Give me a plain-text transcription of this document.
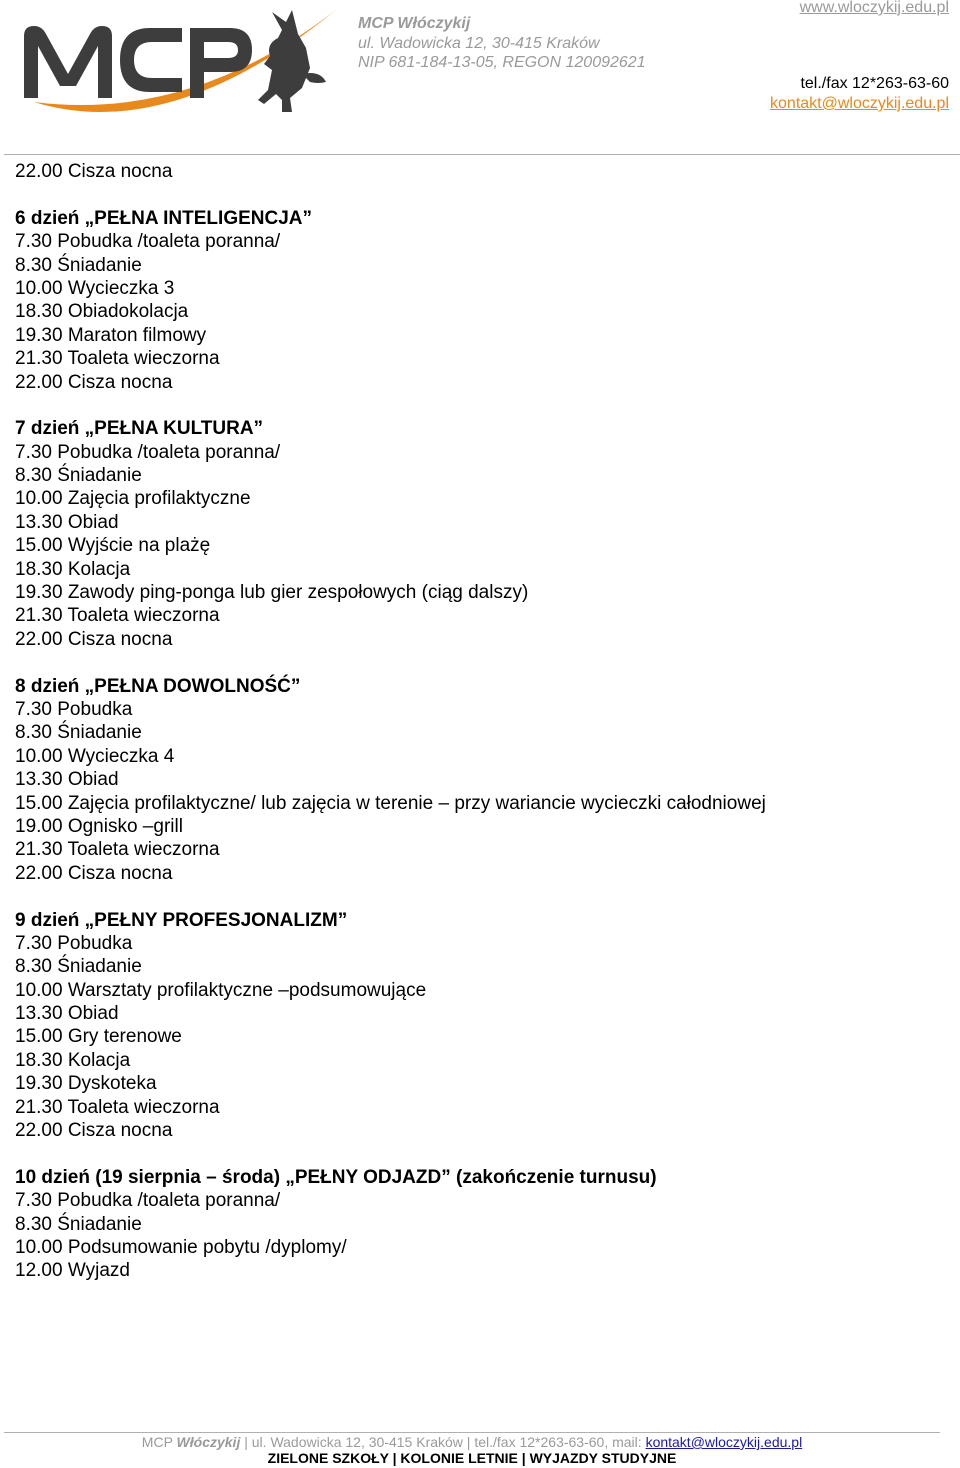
MCP Włóczykij
ul. Wadowicka 12, 30-415 Kraków
NIP 681-184-13-05, REGON 120092621
www.wloczykij.edu.pl
tel./fax 12*263-63-60
kontakt@wloczykij.edu.pl
22.00 Cisza nocna
6 dzień „PEŁNA INTELIGENCJA”
7.30 Pobudka /toaleta poranna/
8.30 Śniadanie
10.00 Wycieczka 3
18.30 Obiadokolacja
19.30 Maraton filmowy
21.30 Toaleta wieczorna
22.00 Cisza nocna
7 dzień „PEŁNA KULTURA”
7.30 Pobudka /toaleta poranna/
8.30 Śniadanie
10.00 Zajęcia profilaktyczne
13.30 Obiad
15.00 Wyjście na plażę
18.30 Kolacja
19.30 Zawody ping-ponga lub gier zespołowych (ciąg dalszy)
21.30 Toaleta wieczorna
22.00 Cisza nocna
8 dzień „PEŁNA DOWOLNOŚĆ”
7.30 Pobudka
8.30 Śniadanie
10.00 Wycieczka 4
13.30 Obiad
15.00 Zajęcia profilaktyczne/ lub zajęcia w terenie – przy wariancie wycieczki całodniowej
19.00 Ognisko –grill
21.30 Toaleta wieczorna
22.00 Cisza nocna
9 dzień „PEŁNY PROFESJONALIZM”
7.30 Pobudka
8.30 Śniadanie
10.00 Warsztaty profilaktyczne –podsumowujące
13.30 Obiad
15.00 Gry terenowe
18.30 Kolacja
19.30 Dyskoteka
21.30 Toaleta wieczorna
22.00 Cisza nocna
10 dzień (19 sierpnia – środa) „PEŁNY ODJAZD” (zakończenie turnusu)
7.30 Pobudka /toaleta poranna/
8.30 Śniadanie
10.00 Podsumowanie pobytu /dyplomy/
12.00 Wyjazd
MCP Włóczykij | ul. Wadowicka 12, 30-415 Kraków | tel./fax 12*263-63-60, mail: kontakt@wloczykij.edu.pl
ZIELONE SZKOŁY | KOLONIE LETNIE | WYJAZDY STUDYJNE
